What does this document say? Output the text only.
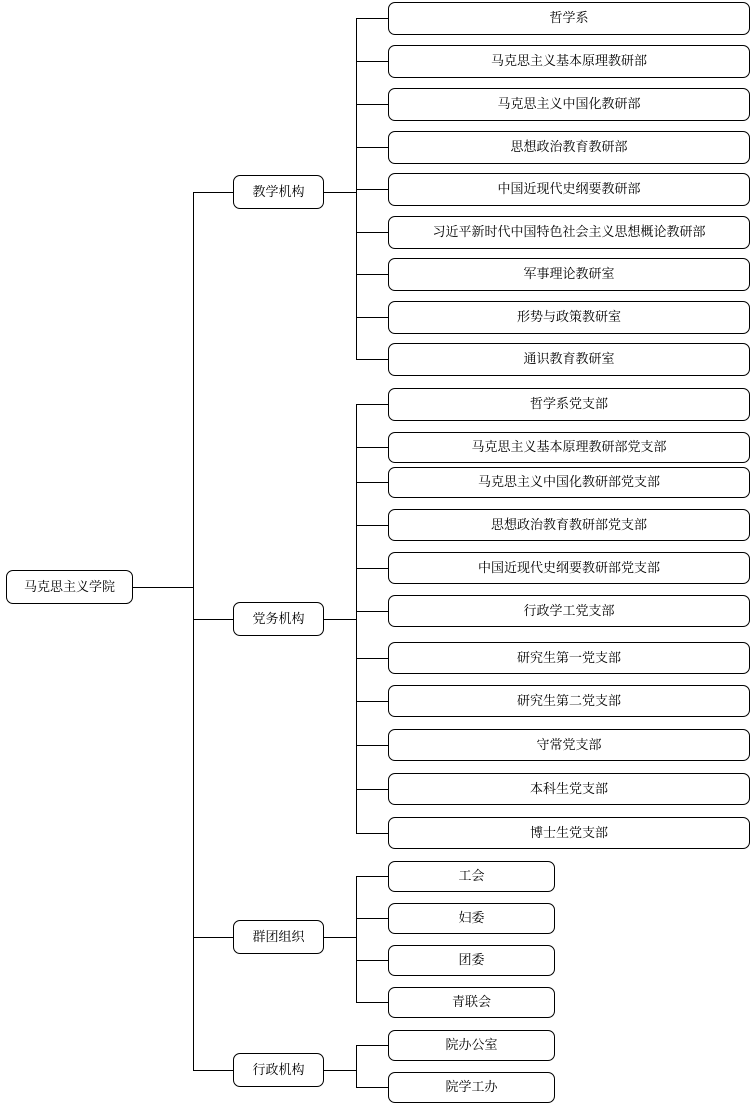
马克思主义学院
教学机构
哲学系
马克思主义基本原理教研部
马克思主义中国化教研部
思想政治教育教研部
中国近现代史纲要教研部
习近平新时代中国特色社会主义思想概论教研部
军事理论教研室
形势与政策教研室
通识教育教研室
党务机构
哲学系党支部
马克思主义基本原理教研部党支部
马克思主义中国化教研部党支部
思想政治教育教研部党支部
中国近现代史纲要教研部党支部
行政学工党支部
研究生第一党支部
研究生第二党支部
守常党支部
本科生党支部
博士生党支部
群团组织
工会
妇委
团委
青联会
行政机构
院办公室
院学工办
